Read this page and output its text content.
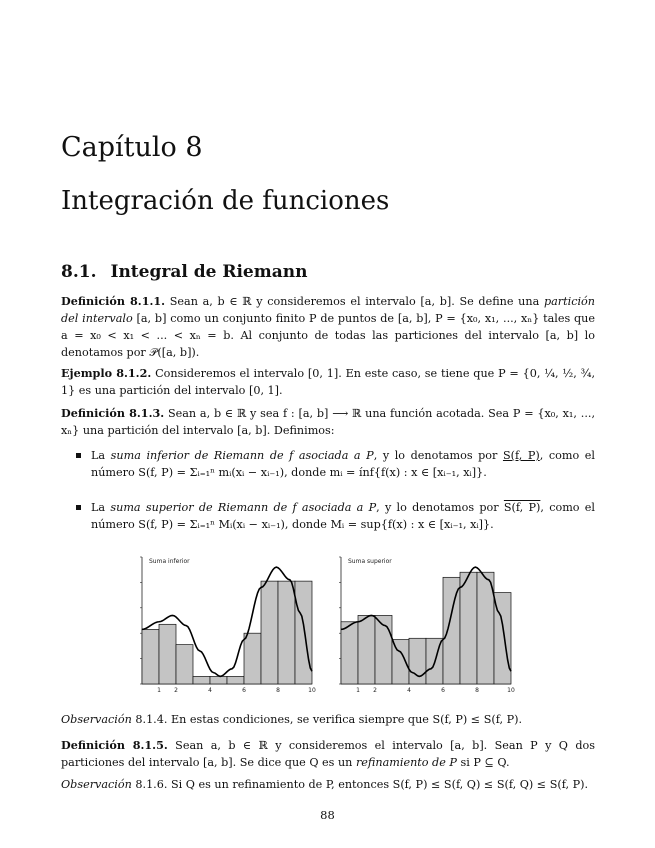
Capítulo 8
Integración de funciones
8.1. Integral de Riemann

Definición 8.1.1. Sean a, b ∈ ℝ y consideremos el intervalo [a, b]. Se define una partición del intervalo [a, b] como un conjunto finito P de puntos de [a, b], P = {x₀, x₁, ..., xₙ} tales que a = x₀ < x₁ < ... < xₙ = b. Al conjunto de todas las particiones del intervalo [a, b] lo denotamos por 𝒫([a, b]).

Ejemplo 8.1.2. Consideremos el intervalo [0, 1]. En este caso, se tiene que P = {0, ¼, ½, ¾, 1} es una partición del intervalo [0, 1].

Definición 8.1.3. Sean a, b ∈ ℝ y sea f : [a, b] ⟶ ℝ una función acotada. Sea P = {x₀, x₁, ..., xₙ} una partición del intervalo [a, b]. Definimos:

La suma inferior de Riemann de f asociada a P, y lo denotamos por S(f, P), como el número S(f, P) = Σᵢ₌₁ⁿ mᵢ(xᵢ − xᵢ₋₁), donde mᵢ = ínf{f(x) : x ∈ [xᵢ₋₁, xᵢ]}.
La suma superior de Riemann de f asociada a P, y lo denotamos por S(f, P), como el número S(f, P) = Σᵢ₌₁ⁿ Mᵢ(xᵢ − xᵢ₋₁), donde Mᵢ = sup{f(x) : x ∈ [xᵢ₋₁, xᵢ]}.
1 2	4	6	8	10
Suma inferior
1 2	4	6	8	10
Suma superior

Observación 8.1.4. En estas condiciones, se verifica siempre que S(f, P) ≤ S(f, P).

Definición 8.1.5. Sean a, b ∈ ℝ y consideremos el intervalo [a, b]. Sean P y Q dos particiones del intervalo [a, b]. Se dice que Q es un refinamiento de P si P ⊆ Q.

Observación 8.1.6. Si Q es un refinamiento de P, entonces S(f, P) ≤ S(f, Q) ≤ S(f, Q) ≤ S(f, P).

88
